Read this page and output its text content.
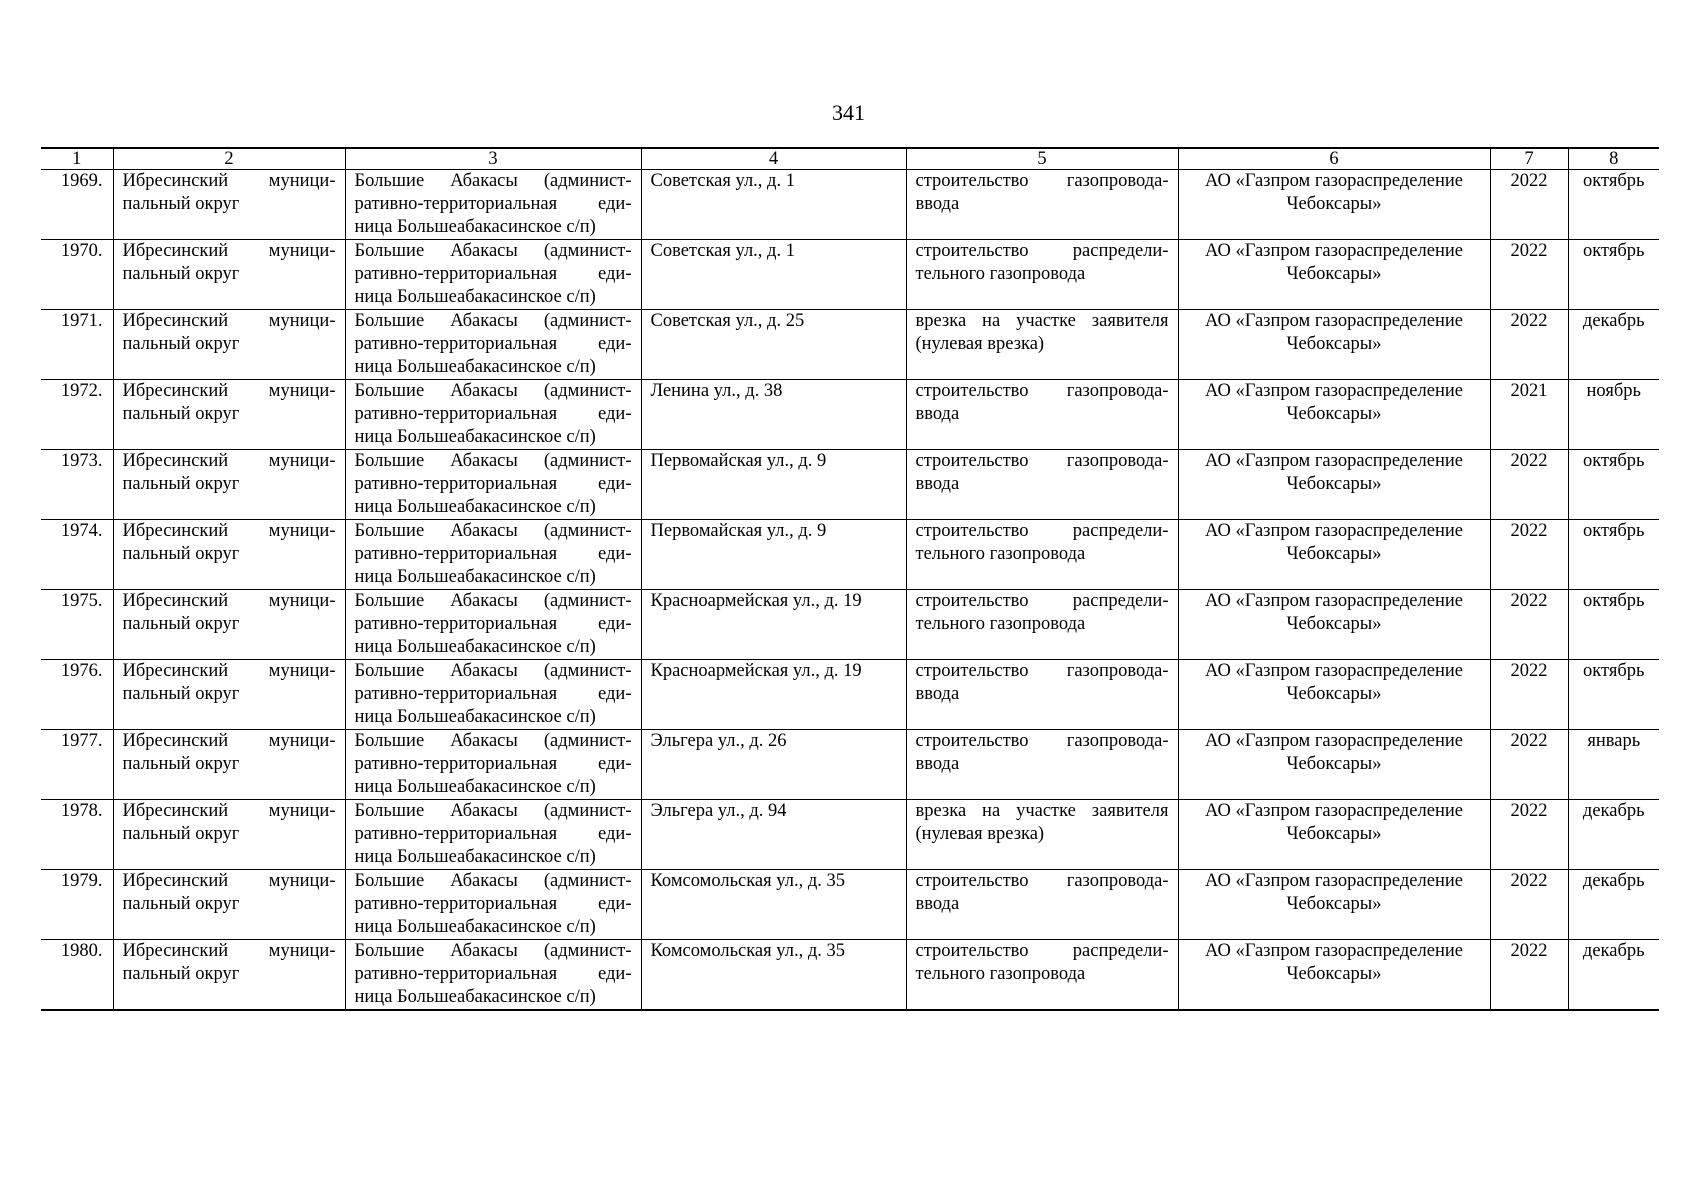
341
1	2	3	4	5	6	7	8
1969.	Ибресинский муници-пальный округ	Большие Абакасы (админист-ративно-территориальная еди-ница Большеабакасинское с/п)	Советская ул., д. 1	строительство газопровода-ввода	АО «Газпром газораспределение Чебоксары»	2022	октябрь
1970.	Ибресинский муници-пальный округ	Большие Абакасы (админист-ративно-территориальная еди-ница Большеабакасинское с/п)	Советская ул., д. 1	строительство распредели-тельного газопровода	АО «Газпром газораспределение Чебоксары»	2022	октябрь
1971.	Ибресинский муници-пальный округ	Большие Абакасы (админист-ративно-территориальная еди-ница Большеабакасинское с/п)	Советская ул., д. 25	врезка на участке заявителя (нулевая врезка)	АО «Газпром газораспределение Чебоксары»	2022	декабрь
1972.	Ибресинский муници-пальный округ	Большие Абакасы (админист-ративно-территориальная еди-ница Большеабакасинское с/п)	Ленина ул., д. 38	строительство газопровода-ввода	АО «Газпром газораспределение Чебоксары»	2021	ноябрь
1973.	Ибресинский муници-пальный округ	Большие Абакасы (админист-ративно-территориальная еди-ница Большеабакасинское с/п)	Первомайская ул., д. 9	строительство газопровода-ввода	АО «Газпром газораспределение Чебоксары»	2022	октябрь
1974.	Ибресинский муници-пальный округ	Большие Абакасы (админист-ративно-территориальная еди-ница Большеабакасинское с/п)	Первомайская ул., д. 9	строительство распредели-тельного газопровода	АО «Газпром газораспределение Чебоксары»	2022	октябрь
1975.	Ибресинский муници-пальный округ	Большие Абакасы (админист-ративно-территориальная еди-ница Большеабакасинское с/п)	Красноармейская ул., д. 19	строительство распредели-тельного газопровода	АО «Газпром газораспределение Чебоксары»	2022	октябрь
1976.	Ибресинский муници-пальный округ	Большие Абакасы (админист-ративно-территориальная еди-ница Большеабакасинское с/п)	Красноармейская ул., д. 19	строительство газопровода-ввода	АО «Газпром газораспределение Чебоксары»	2022	октябрь
1977.	Ибресинский муници-пальный округ	Большие Абакасы (админист-ративно-территориальная еди-ница Большеабакасинское с/п)	Эльгера ул., д. 26	строительство газопровода-ввода	АО «Газпром газораспределение Чебоксары»	2022	январь
1978.	Ибресинский муници-пальный округ	Большие Абакасы (админист-ративно-территориальная еди-ница Большеабакасинское с/п)	Эльгера ул., д. 94	врезка на участке заявителя (нулевая врезка)	АО «Газпром газораспределение Чебоксары»	2022	декабрь
1979.	Ибресинский муници-пальный округ	Большие Абакасы (админист-ративно-территориальная еди-ница Большеабакасинское с/п)	Комсомольская ул., д. 35	строительство газопровода-ввода	АО «Газпром газораспределение Чебоксары»	2022	декабрь
1980.	Ибресинский муници-пальный округ	Большие Абакасы (админист-ративно-территориальная еди-ница Большеабакасинское с/п)	Комсомольская ул., д. 35	строительство распредели-тельного газопровода	АО «Газпром газораспределение Чебоксары»	2022	декабрь
